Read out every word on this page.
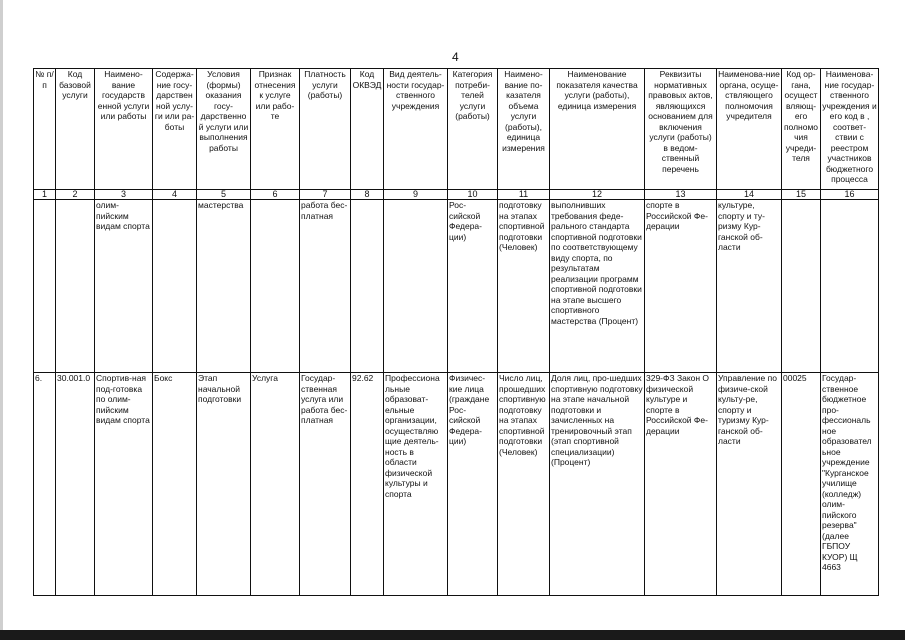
4
№ п/п	Код базовой услуги	Наимено-вание государств енной услуги или работы	Содержа-ние госу-дарствен ной услу-ги или ра-боты	Условия (формы) оказания госу-дарственно й услуги или выполнения работы	Признак отнесения к услуге или рабо-те	Платность услуги (работы)	Код ОКВЭД	Вид деятель-ности государ-ственного учреждения	Категория потреби-телей услуги (работы)	Наимено-вание по-казателя объема услуги (работы), единица измерения	Наименование показателя качества услуги (работы), единица измерения	Реквизиты нормативных правовых актов, являющихся основанием для включения услуги (работы) в ведом-ственный перечень	Наименова-ние органа, осуще-ствляющего полномочия учредителя	Код ор-гана, осущест вляющ-его полномо чия учреди-теля	Наименова-ние государ-ственного учреждения и его код в , соответ-ствии с реестром участников бюджетного процесса
1	2	3	4	5	6	7	8	9	10	11	12	13	14	15	16
		олим-пийским видам спорта		мастерства		работа бес-платная			Рос-сийской Федера-ции)	подготовку на этапах спортивной подготовки (Человек)	выполнивших требования феде-рального стандарта спортивной подготовки по соответствующему виду спорта, по результатам реализации программ спортивной подготовки на этапе высшего спортивного мастерства (Процент)	спорте в Российской Фе-дерации	культуре, спорту и ту-ризму Кур-ганской об-ласти		
6.	30.001.0	Спортив-ная под-готовка по олим-пийским видам спорта	Бокс	Этап начальной подготовки	Услуга	Государ-ственная услуга или работа бес-платная	92.62	Профессиона льные образоват-ельные организации, осуществляю щие деятель-ность в области физической культуры и спорта	Физичес-кие лица (граждане Рос-сийской Федера-ции)	Число лиц, прошедших спортивную подготовку на этапах спортивной подготовки (Человек)	Доля лиц, про-шедших спортивную подготовку на этапе начальной подготовки и зачисленных на тренировочный этап (этап спортивной специализации) (Процент)	329-ФЗ Закон О физической культуре и спорте в Российской Фе-дерации	Управление по физиче-ской культу-ре, спорту и туризму Кур-ганской об-ласти	00025	Государ-ственное бюджетное про-фессиональ ное образовател ьное учреждение "Курганское училище (колледж) олим-пийского резерва" (далее ГБПОУ КУОР) Щ 4663
